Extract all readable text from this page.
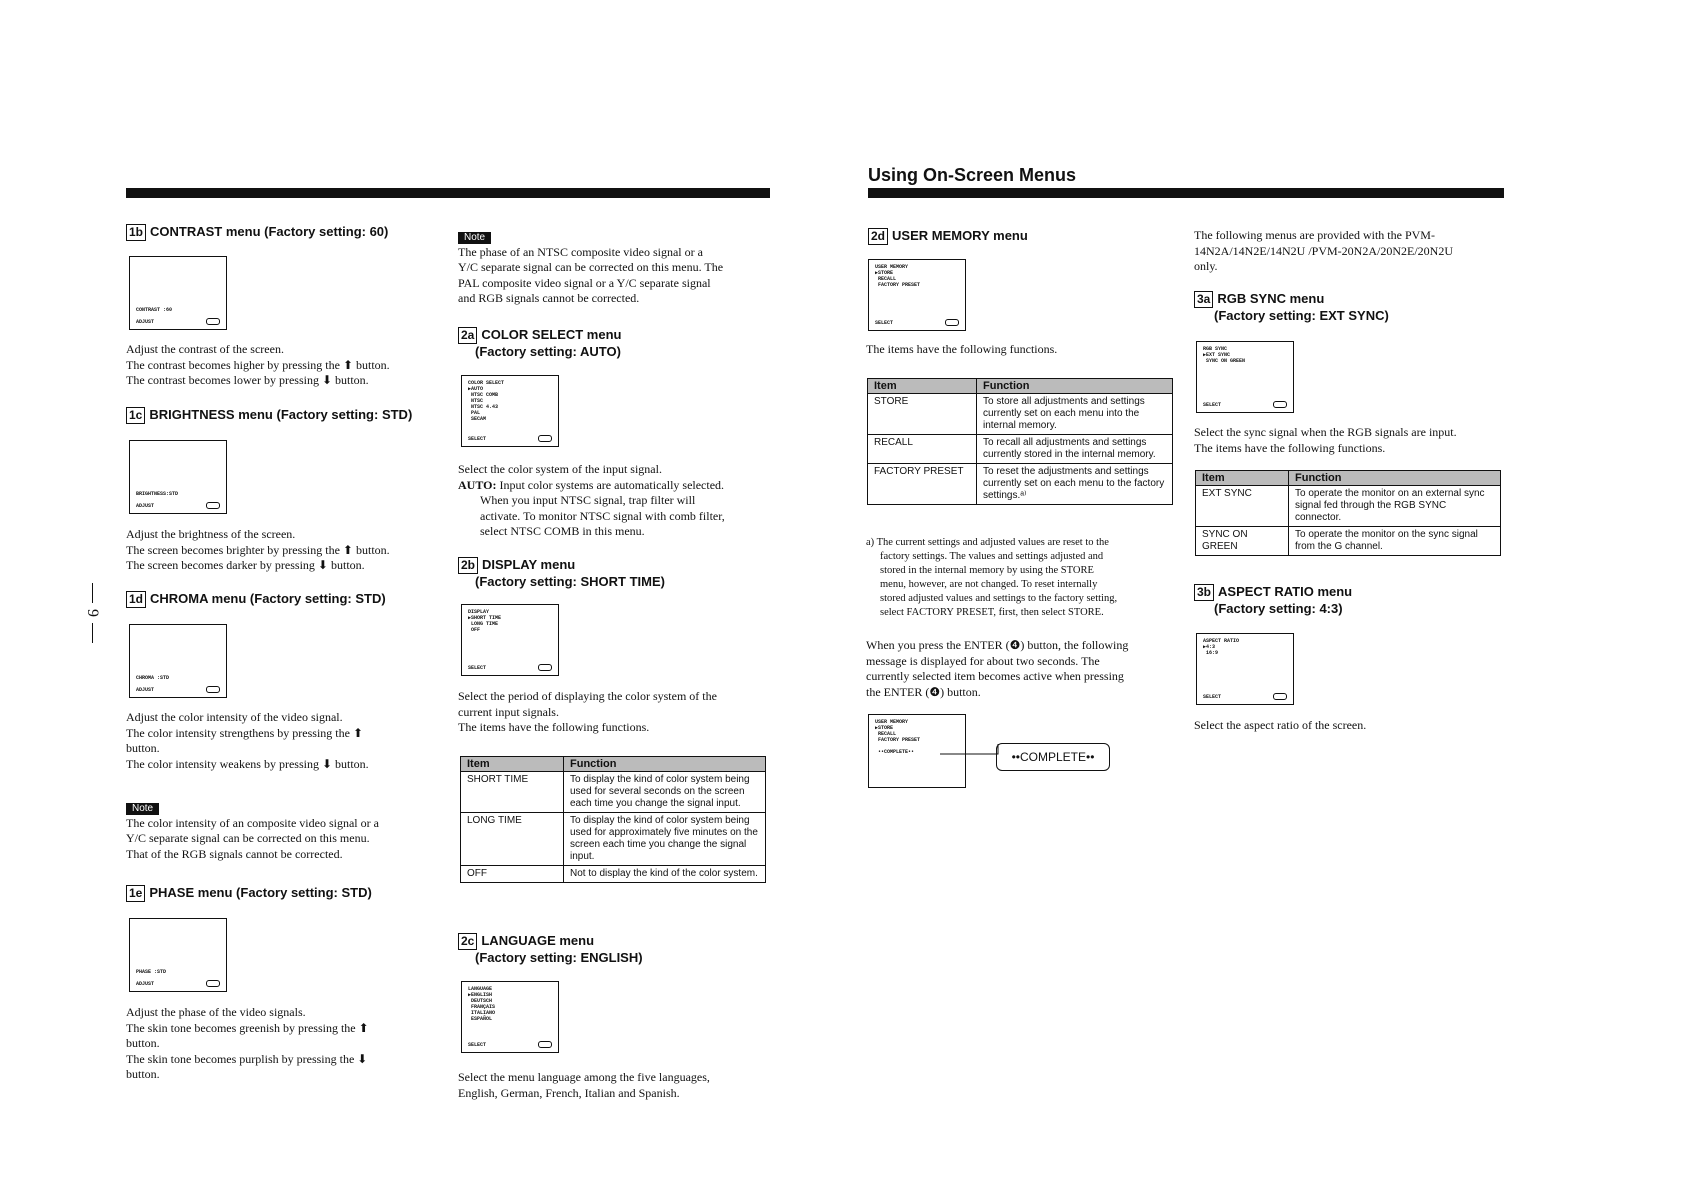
Using On-Screen Menus
9
1b CONTRAST menu (Factory setting: 60)
CONTRAST :60
ADJUST

Adjust the contrast of the screen.

The contrast becomes higher by pressing the ⬆ button.

The contrast becomes lower by pressing ⬇ button.

1c BRIGHTNESS menu (Factory setting: STD)
BRIGHTNESS:STD
ADJUST

Adjust the brightness of the screen.

The screen becomes brighter by pressing the ⬆ button.

The screen becomes darker by pressing ⬇ button.

1d CHROMA menu (Factory setting: STD)
CHROMA :STD
ADJUST

Adjust the color intensity of the video signal.

The color intensity strengthens by pressing the ⬆

button.

The color intensity weakens by pressing ⬇ button.

Note

The color intensity of an composite video signal or a

Y/C separate signal can be corrected on this menu.

That of the RGB signals cannot be corrected.

1e PHASE menu (Factory setting: STD)
PHASE :STD
ADJUST

Adjust the phase of the video signals.

The skin tone becomes greenish by pressing the ⬆

button.

The skin tone becomes purplish by pressing the ⬇

button.

Note

The phase of an NTSC composite video signal or a

Y/C separate signal can be corrected on this menu. The

PAL composite video signal or a Y/C separate signal

and RGB signals cannot be corrected.

2a COLOR SELECT menu
(Factory setting: AUTO)
COLOR SELECT
▶AUTO
NTSC COMB
NTSC
NTSC 4.43
PAL
SECAM
SELECT

Select the color system of the input signal.

AUTO: Input color systems are automatically selected.

When you input NTSC signal, trap filter will

activate. To monitor NTSC signal with comb filter,

select NTSC COMB in this menu.

2b DISPLAY menu
(Factory setting: SHORT TIME)
DISPLAY
▶SHORT TIME
LONG TIME
OFF
SELECT

Select the period of displaying the color system of the

current input signals.

The items have the following functions.

Item	Function
SHORT TIME	To display the kind of color system being used for several seconds on the screen each time you change the signal input.
LONG TIME	To display the kind of color system being used for approximately five minutes on the screen each time you change the signal input.
OFF	Not to display the kind of the color system.
2c LANGUAGE menu
(Factory setting: ENGLISH)
LANGUAGE
▶ENGLISH
DEUTSCH
FRANÇAIS
ITALIANO
ESPAÑOL
SELECT

Select the menu language among the five languages,

English, German, French, Italian and Spanish.

2d USER MEMORY menu
USER MEMORY
▶STORE
RECALL
FACTORY PRESET
SELECT

The items have the following functions.

Item	Function
STORE	To store all adjustments and settings currently set on each menu into the internal memory.
RECALL	To recall all adjustments and settings currently stored in the internal memory.
FACTORY PRESET	To reset the adjustments and settings currently set on each menu to the factory settings.ᵃ⁾
a) The current settings and adjusted values are reset to the
factory settings. The values and settings adjusted and
stored in the internal memory by using the STORE
menu, however, are not changed. To reset internally
stored adjusted values and settings to the factory setting,
select FACTORY PRESET, first, then select STORE.

When you press the ENTER (❹) button, the following

message is displayed for about two seconds. The

currently selected item becomes active when pressing

the ENTER (❹) button.

USER MEMORY
▶STORE
RECALL
FACTORY PRESET

••COMPLETE••	••COMPLETE••

The following menus are provided with the PVM-

14N2A/14N2E/14N2U /PVM-20N2A/20N2E/20N2U

only.

3a RGB SYNC menu
(Factory setting: EXT SYNC)
RGB SYNC
▶EXT SYNC
SYNC ON GREEN
SELECT

Select the sync signal when the RGB signals are input.

The items have the following functions.

Item	Function
EXT SYNC	To operate the monitor on an external sync signal fed through the RGB SYNC connector.
SYNC ON GREEN	To operate the monitor on the sync signal from the G channel.
3b ASPECT RATIO menu
(Factory setting: 4:3)
ASPECT RATIO
▶4:3
16:9
SELECT

Select the aspect ratio of the screen.
